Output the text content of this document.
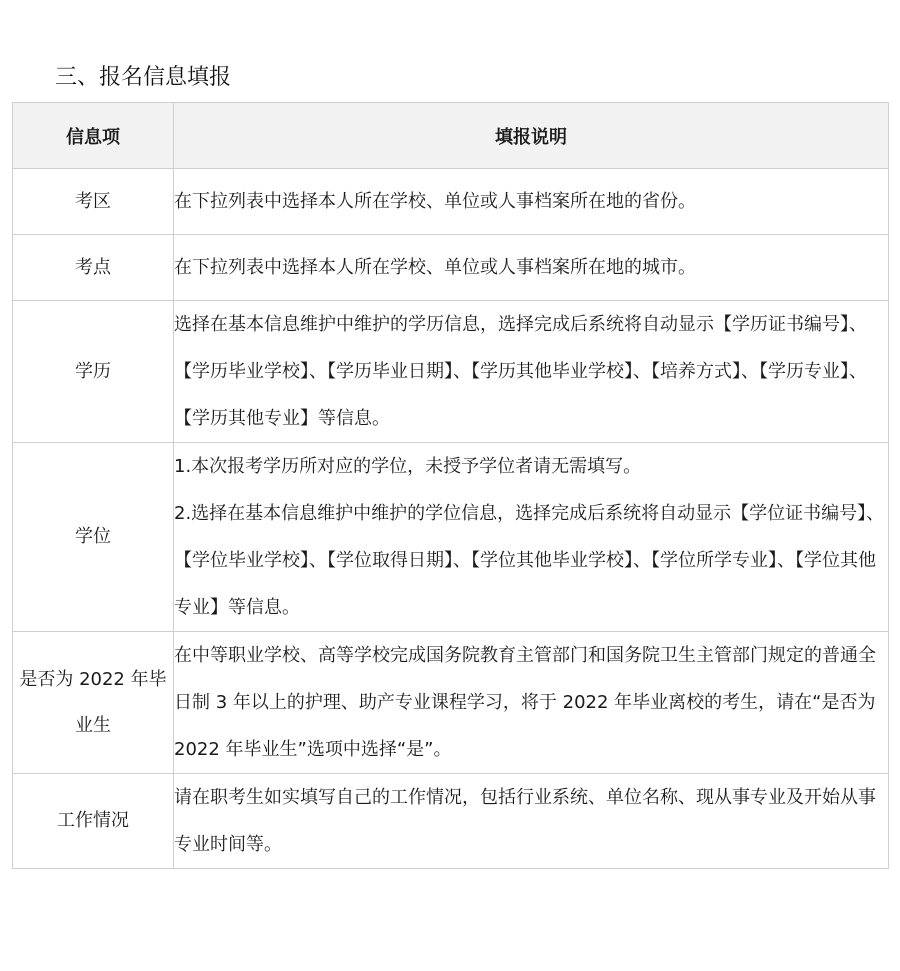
三、报名信息填报
信息项	填报说明
考区	在下拉列表中选择本人所在学校、单位或人事档案所在地的省份。

考点	在下拉列表中选择本人所在学校、单位或人事档案所在地的城市。

学历	选择在基本信息维护中维护的学历信息，选择完成后系统将自动显示【学历证书编号】、【学历毕业学校】、【学历毕业日期】、【学历其他毕业学校】、【培养方式】、【学历专业】、【学历其他专业】等信息。

学位	1.本次报考学历所对应的学位，未授予学位者请无需填写。

2.选择在基本信息维护中维护的学位信息，选择完成后系统将自动显示【学位证书编号】、【学位毕业学校】、【学位取得日期】、【学位其他毕业学校】、【学位所学专业】、【学位其他专业】等信息。

是否为 2022 年毕业生	在中等职业学校、高等学校完成国务院教育主管部门和国务院卫生主管部门规定的普通全日制 3 年以上的护理、助产专业课程学习，将于 2022 年毕业离校的考生，请在“是否为 2022 年毕业生”选项中选择“是”。

工作情况	请在职考生如实填写自己的工作情况，包括行业系统、单位名称、现从事专业及开始从事专业时间等。
